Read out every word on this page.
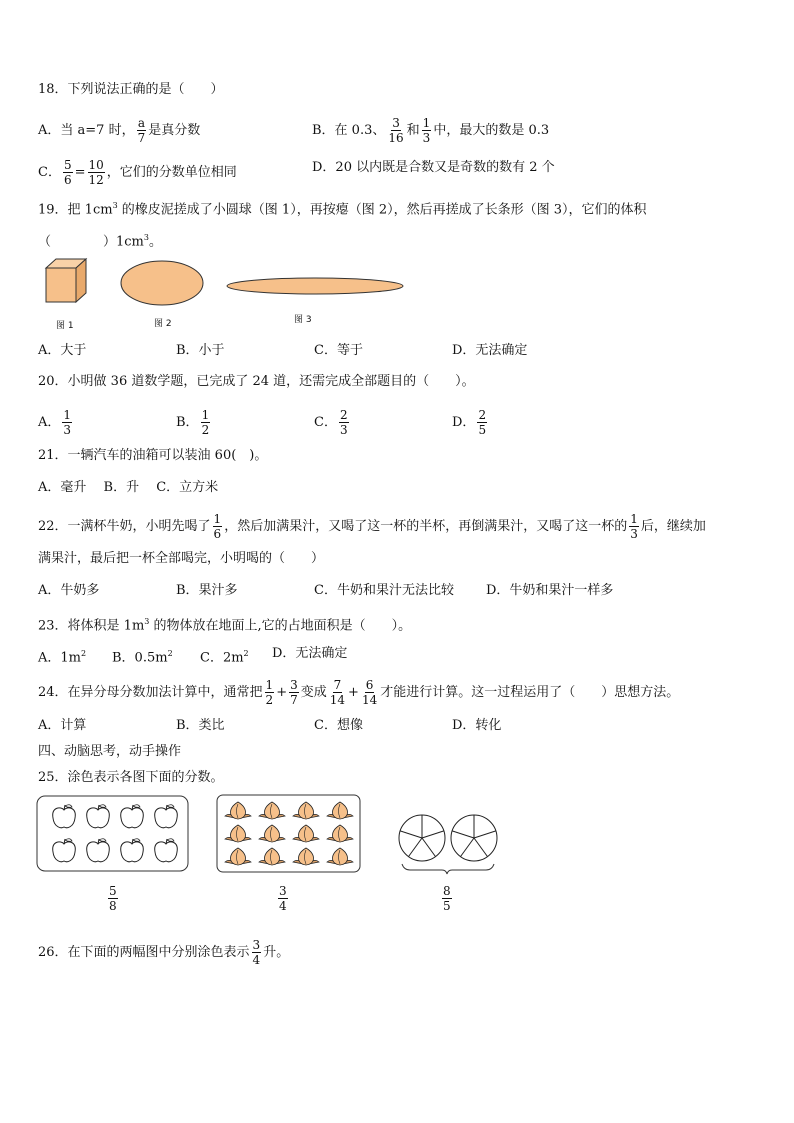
18．下列说法正确的是（　　）
A．当 a=7 时， $\frac{a}{7}$ 是真分数	B．在 0.3、 $\frac{3}{16}$ 和 $\frac{1}{3}$ 中，最大的数是 0.3
C． $\frac{5}{6} = \frac{10}{12}$ ，它们的分数单位相同	D．20 以内既是合数又是奇数的数有 2 个
19．把 $1cm^3$ 的橡皮泥搓成了小圆球（图 1），再按瘪（图 2），然后再搓成了长条形（图 3），它们的体积
（　　　　）$1cm^3$。
图 1	图 2	图 3
A．大于	B．小于	C．等于	D．无法确定
20．小明做 36 道数学题，已完成了 24 道，还需完成全部题目的（　　）。
A． $\frac{1}{3}$	B． $\frac{1}{2}$	C． $\frac{2}{3}$	D． $\frac{2}{5}$
21．一辆汽车的油箱可以装油 60(　)。
A．毫升　 B．升　 C．立方米
22．一满杯牛奶，小明先喝了 $\frac{1}{6}$ ，然后加满果汁，又喝了这一杯的半杯，再倒满果汁，又喝了这一杯的 $\frac{1}{3}$ 后，继续加
满果汁，最后把一杯全部喝完，小明喝的（　　）
A．牛奶多	B．果汁多	C．牛奶和果汁无法比较 D．牛奶和果汁一样多
23．将体积是 $1m^3$ 的物体放在地面上,它的占地面积是（　　）。
A．$1m^2$ B．$0.5m^2$ C．$2m^2$ D．无法确定
24．在异分母分数加法计算中，通常把 $\frac{1}{2} + \frac{3}{7}$ 变成 $\frac{7}{14} + \frac{6}{14}$ 才能进行计算。这一过程运用了（　　）思想方法。
A．计算	B．类比	C．想像	D．转化
四、动脑思考，动手操作
25．涂色表示各图下面的分数。
$\frac{5}{8}$	$\frac{3}{4}$	$\frac{8}{5}$
26．在下面的两幅图中分别涂色表示 $\frac{3}{4}$ 升。
